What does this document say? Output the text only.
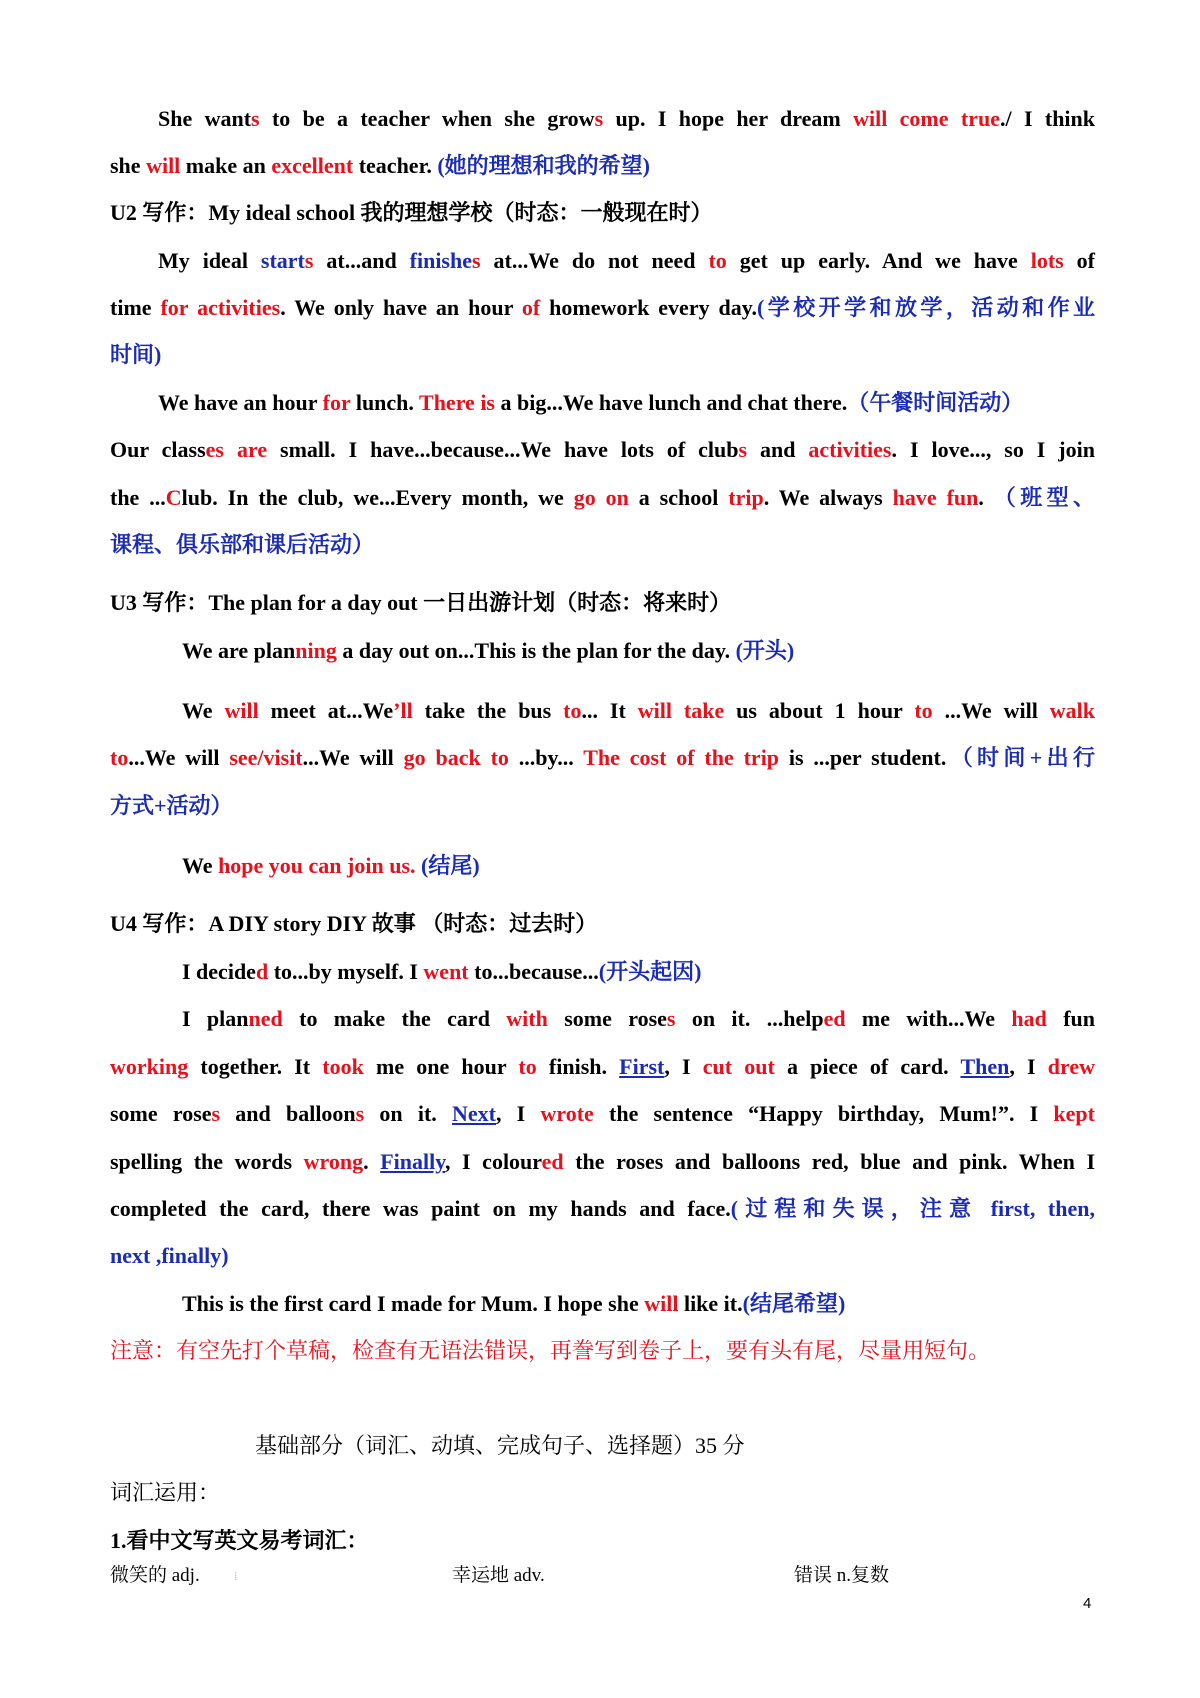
She wants to be a teacher when she grows up. I hope her dream will come true./ I think
she will make an excellent teacher. (她的理想和我的希望)
U2 写作：My ideal school 我的理想学校（时态：一般现在时）
My ideal starts at...and finishes at...We do not need to get up early. And we have lots of
time for activities. We only have an hour of homework every day.(学校开学和放学，活动和作业
时间)
We have an hour for lunch. There is a big...We have lunch and chat there.（午餐时间活动）
Our classes are small. I have...because...We have lots of clubs and activities. I love..., so I join
the ...Club. In the club, we...Every month, we go on a school trip. We always have fun. （班型、
课程、俱乐部和课后活动）
U3 写作：The plan for a day out 一日出游计划（时态：将来时）
We are planning a day out on...This is the plan for the day. (开头)
We will meet at...We’ll take the bus to... It will take us about 1 hour to ...We will walk
to...We will see/visit...We will go back to ...by... The cost of the trip is ...per student.（时间+出行
方式+活动）
We hope you can join us. (结尾)
U4 写作：A DIY story DIY 故事 （时态：过去时）
I decided to...by myself. I went to...because...(开头起因)
I planned to make the card with some roses on it. ...helped me with...We had fun
working together. It took me one hour to finish. First, I cut out a piece of card. Then, I drew
some roses and balloons on it. Next, I wrote the sentence “Happy birthday, Mum!”. I kept
spelling the words wrong. Finally, I coloured the roses and balloons red, blue and pink. When I
completed the card, there was paint on my hands and face.(过程和失误，注意 first, then,
next ,finally)
This is the first card I made for Mum. I hope she will like it.(结尾希望)
注意：有空先打个草稿，检查有无语法错误，再誊写到卷子上，要有头有尾，尽量用短句。
基础部分（词汇、动填、完成句子、选择题）35 分
词汇运用：
1.看中文写英文易考词汇：
微笑的 adj.	⁞	幸运地 adv.	错误 n.复数
4
